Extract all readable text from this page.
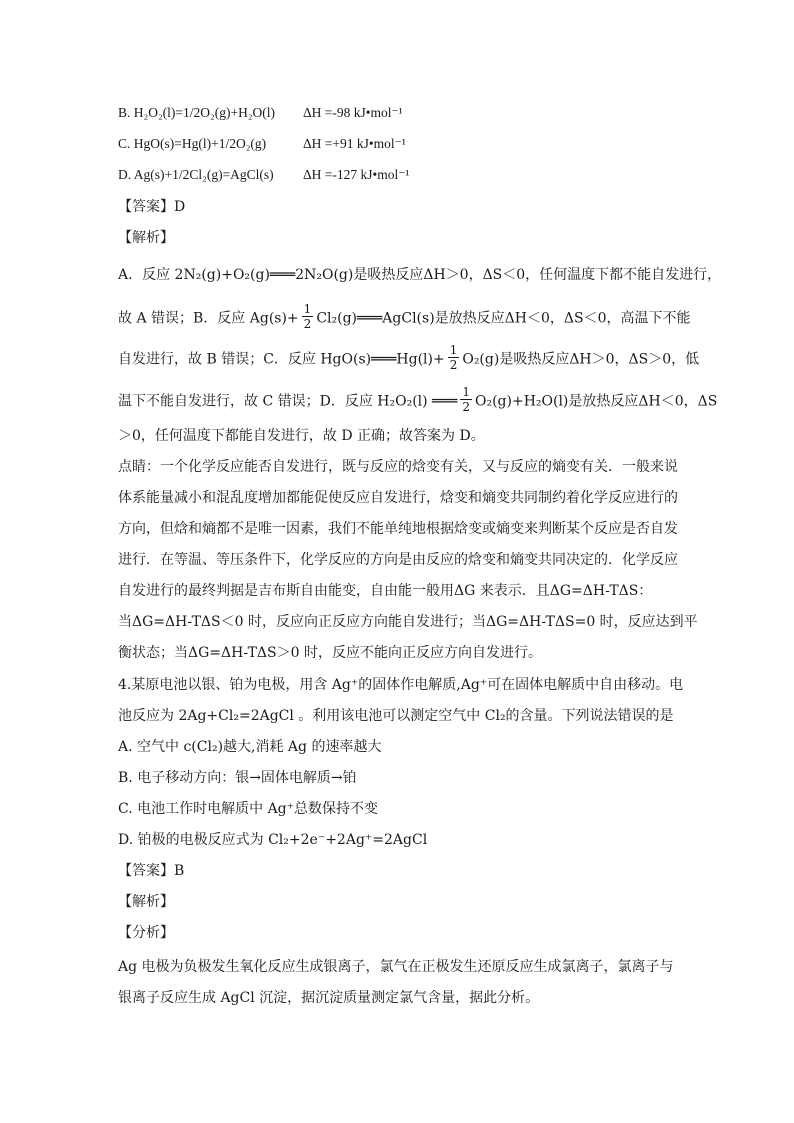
B. H₂O₂(l)=1/2O₂(g)+H₂O(l) ΔH =-98 kJ•mol⁻¹
C. HgO(s)=Hg(l)+1/2O₂(g)	ΔH =+91 kJ•mol⁻¹
D. Ag(s)+1/2Cl₂(g)=AgCl(s) ΔH =-127 kJ•mol⁻¹
【答案】D
【解析】
A．反应 2N₂(g)+O₂(g)═══2N₂O(g)是吸热反应ΔH＞0，ΔS＜0，任何温度下都不能自发进行，
故 A 错误；B．反应 $Ag(s)+ \frac{1}{2}$ Cl₂(g)═══AgCl(s)是放热反应ΔH＜0，ΔS＜0，高温下不能
自发进行，故 B 错误；C．反应 HgO(s)═══Hg(l)+ $\frac{1}{2} O_2(g)$是吸热反应ΔH＞0，ΔS＞0，低
温下不能自发进行，故 C 错误；D．反应 H₂O₂(l) ═══ $\frac{1}{2} O_2(g)+H_2O(l)$是放热反应ΔH＜0，ΔS
＞0，任何温度下都能自发进行，故 D 正确；故答案为 D。
点睛：一个化学反应能否自发进行，既与反应的焓变有关，又与反应的熵变有关．一般来说
体系能量减小和混乱度增加都能促使反应自发进行，焓变和熵变共同制约着化学反应进行的
方向，但焓和熵都不是唯一因素，我们不能单纯地根据焓变或熵变来判断某个反应是否自发
进行．在等温、等压条件下，化学反应的方向是由反应的焓变和熵变共同决定的．化学反应
自发进行的最终判据是吉布斯自由能变，自由能一般用ΔG 来表示．且ΔG=ΔH-TΔS：
当ΔG=ΔH-TΔS＜0 时，反应向正反应方向能自发进行；当ΔG=ΔH-TΔS=0 时，反应达到平
衡状态；当ΔG=ΔH-TΔS＞0 时，反应不能向正反应方向自发进行。
4.某原电池以银、铂为电极，用含 Ag⁺的固体作电解质,Ag⁺可在固体电解质中自由移动。电
池反应为 2Ag+Cl₂=2AgCl 。利用该电池可以测定空气中 Cl₂的含量。下列说法错误的是
A. 空气中 c(Cl₂)越大,消耗 Ag 的速率越大
B. 电子移动方向：银→固体电解质→铂
C. 电池工作时电解质中 Ag⁺总数保持不变
D. 铂极的电极反应式为 Cl₂+2e⁻+2Ag⁺=2AgCl
【答案】B
【解析】
【分析】
Ag 电极为负极发生氧化反应生成银离子，氯气在正极发生还原反应生成氯离子，氯离子与
银离子反应生成 AgCl 沉淀，据沉淀质量测定氯气含量，据此分析。
